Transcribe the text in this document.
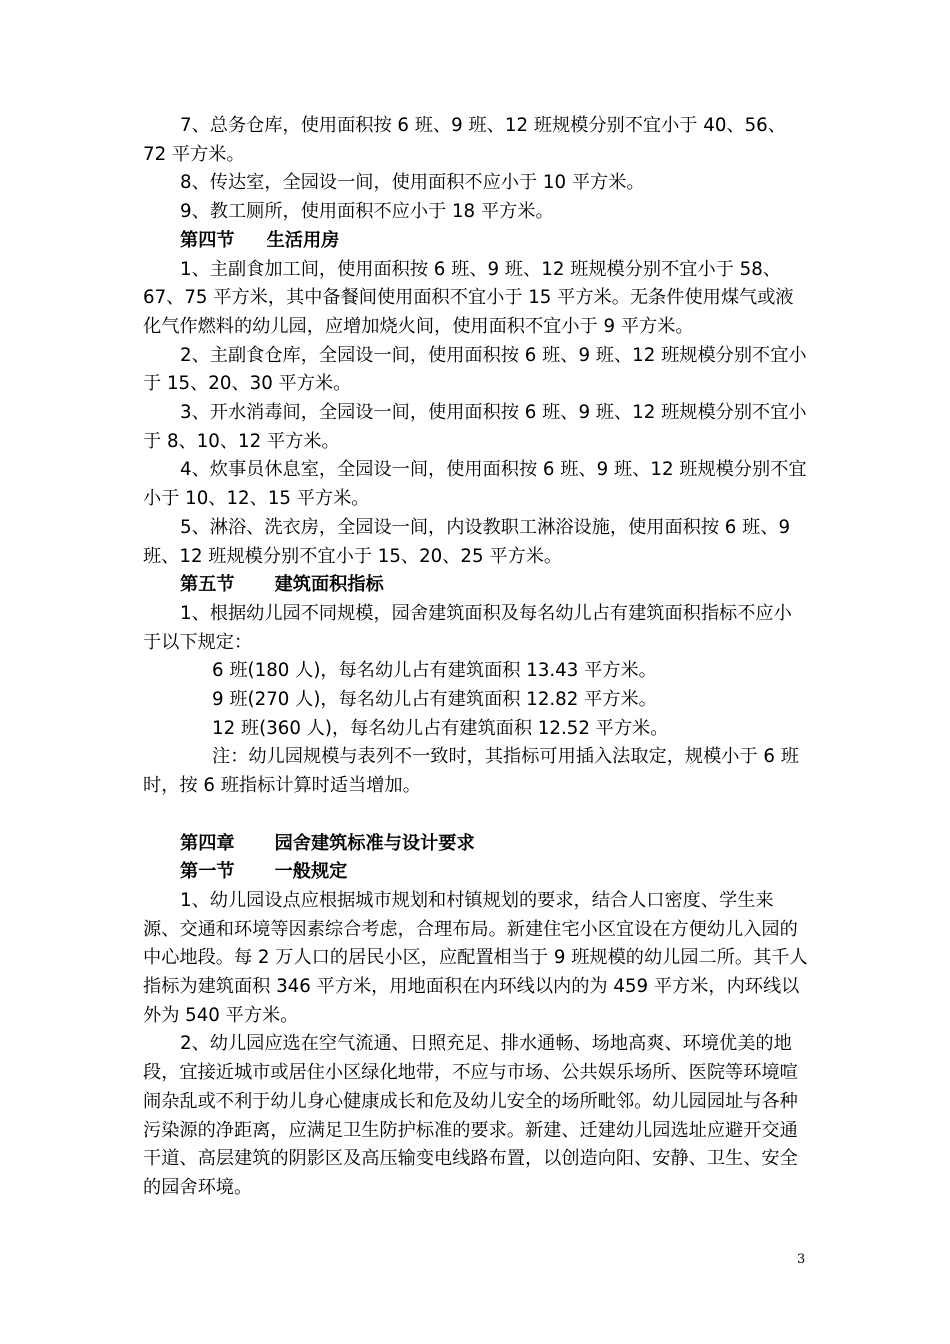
7、总务仓库，使用面积按 6 班、9 班、12 班规模分别不宜小于 40、56、72 平方米。

8、传达室，全园设一间，使用面积不应小于 10 平方米。

9、教工厕所，使用面积不应小于 18 平方米。

第四节 生活用房

1、主副食加工间，使用面积按 6 班、9 班、12 班规模分别不宜小于 58、67、75 平方米，其中备餐间使用面积不宜小于 15 平方米。无条件使用煤气或液化气作燃料的幼儿园，应增加烧火间，使用面积不宜小于 9 平方米。

2、主副食仓库，全园设一间，使用面积按 6 班、9 班、12 班规模分别不宜小于 15、20、30 平方米。

3、开水消毒间，全园设一间，使用面积按 6 班、9 班、12 班规模分别不宜小于 8、10、12 平方米。

4、炊事员休息室，全园设一间，使用面积按 6 班、9 班、12 班规模分别不宜小于 10、12、15 平方米。

5、淋浴、洗衣房，全园设一间，内设教职工淋浴设施，使用面积按 6 班、9 班、12 班规模分别不宜小于 15、20、25 平方米。

第五节 建筑面积指标

1、根据幼儿园不同规模，园舍建筑面积及每名幼儿占有建筑面积指标不应小于以下规定：

6 班(180 人)，每名幼儿占有建筑面积 13.43 平方米。

9 班(270 人)，每名幼儿占有建筑面积 12.82 平方米。

12 班(360 人)，每名幼儿占有建筑面积 12.52 平方米。

注：幼儿园规模与表列不一致时，其指标可用插入法取定，规模小于 6 班时，按 6 班指标计算时适当增加。

第四章 园舍建筑标准与设计要求

第一节 一般规定

1、幼儿园设点应根据城市规划和村镇规划的要求，结合人口密度、学生来源、交通和环境等因素综合考虑，合理布局。新建住宅小区宜设在方便幼儿入园的中心地段。每 2 万人口的居民小区，应配置相当于 9 班规模的幼儿园二所。其千人指标为建筑面积 346 平方米，用地面积在内环线以内的为 459 平方米，内环线以外为 540 平方米。

2、幼儿园应选在空气流通、日照充足、排水通畅、场地高爽、环境优美的地段，宜接近城市或居住小区绿化地带，不应与市场、公共娱乐场所、医院等环境喧闹杂乱或不利于幼儿身心健康成长和危及幼儿安全的场所毗邻。幼儿园园址与各种污染源的净距离，应满足卫生防护标准的要求。新建、迁建幼儿园选址应避开交通干道、高层建筑的阴影区及高压输变电线路布置，以创造向阳、安静、卫生、安全的园舍环境。

3
